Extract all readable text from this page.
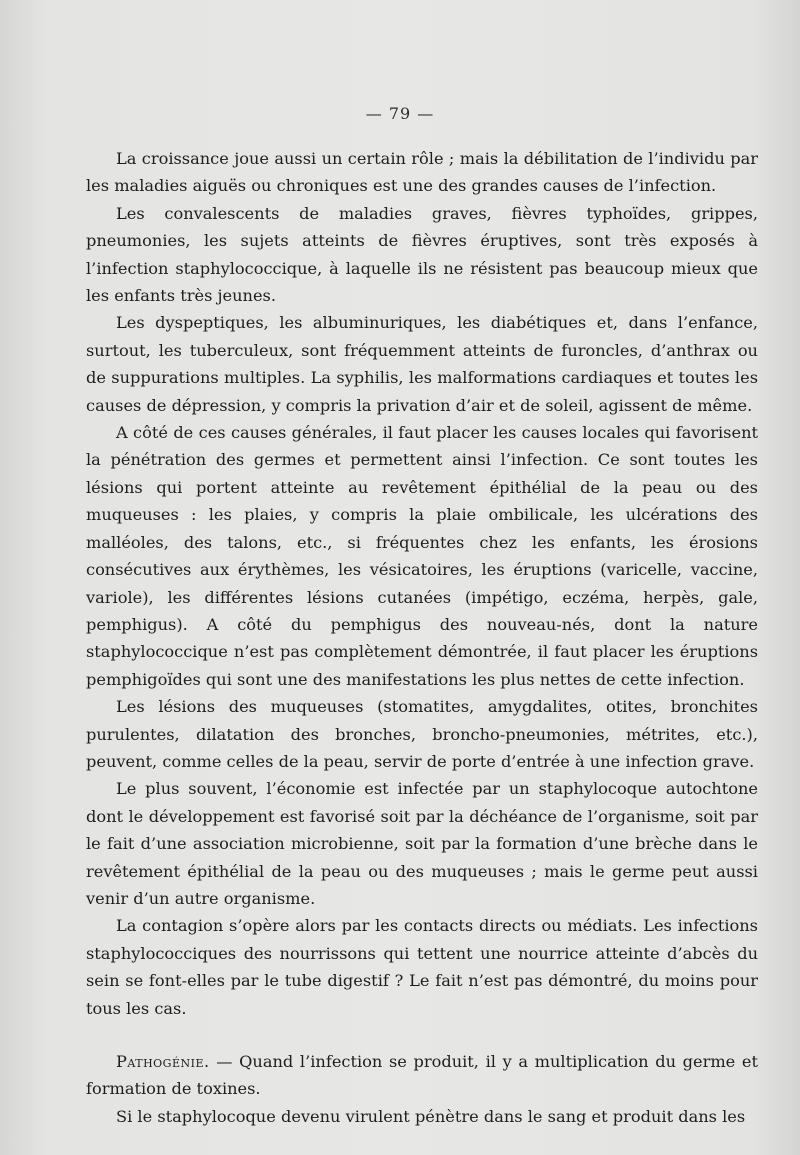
— 79 —

La croissance joue aussi un certain rôle ; mais la débilitation de l’individu par les maladies aiguës ou chroniques est une des grandes causes de l’infection.

Les convalescents de maladies graves, fièvres typhoïdes, grippes, pneumonies, les sujets atteints de fièvres éruptives, sont très exposés à l’infection staphylococcique, à laquelle ils ne résistent pas beaucoup mieux que les enfants très jeunes.

Les dyspeptiques, les albuminuriques, les diabétiques et, dans l’enfance, surtout, les tuberculeux, sont fréquemment atteints de furoncles, d’anthrax ou de suppurations multiples. La syphilis, les malformations cardiaques et toutes les causes de dépression, y compris la privation d’air et de soleil, agissent de même.

A côté de ces causes générales, il faut placer les causes locales qui favorisent la pénétration des germes et permettent ainsi l’infection. Ce sont toutes les lésions qui portent atteinte au revêtement épithélial de la peau ou des muqueuses : les plaies, y compris la plaie ombilicale, les ulcérations des malléoles, des talons, etc., si fréquentes chez les enfants, les érosions consécutives aux érythèmes, les vésicatoires, les éruptions (varicelle, vaccine, variole), les différentes lésions cutanées (impétigo, eczéma, herpès, gale, pemphigus). A côté du pemphigus des nouveau-nés, dont la nature staphylococcique n’est pas complètement démontrée, il faut placer les éruptions pemphigoïdes qui sont une des manifestations les plus nettes de cette infection.

Les lésions des muqueuses (stomatites, amygdalites, otites, bronchites purulentes, dilatation des bronches, broncho-pneumonies, métrites, etc.), peuvent, comme celles de la peau, servir de porte d’entrée à une infection grave.

Le plus souvent, l’économie est infectée par un staphylocoque autochtone dont le développement est favorisé soit par la déchéance de l’organisme, soit par le fait d’une association microbienne, soit par la formation d’une brèche dans le revêtement épithélial de la peau ou des muqueuses ; mais le germe peut aussi venir d’un autre organisme.

La contagion s’opère alors par les contacts directs ou médiats. Les infections staphylococciques des nourrissons qui tettent une nourrice atteinte d’abcès du sein se font-elles par le tube digestif ? Le fait n’est pas démontré, du moins pour tous les cas.

Pathogénie. — Quand l’infection se produit, il y a multiplication du germe et formation de toxines.

Si le staphylocoque devenu virulent pénètre dans le sang et produit dans les
